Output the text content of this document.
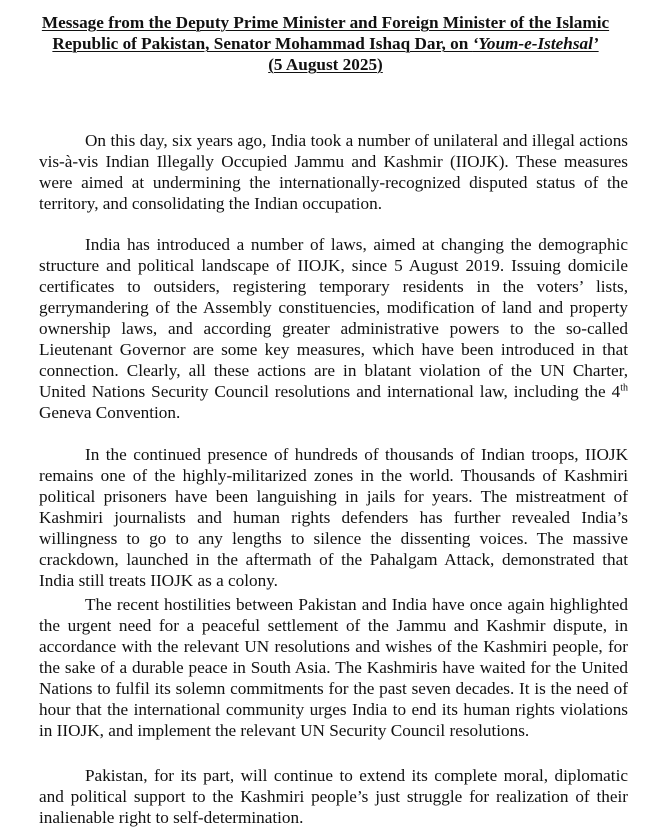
Message from the Deputy Prime Minister and Foreign Minister of the Islamic
Republic of Pakistan, Senator Mohammad Ishaq Dar, on ‘Youm-e-Istehsal’
(5 August 2025)

On this day, six years ago, India took a number of unilateral and illegal actions vis-à-vis Indian Illegally Occupied Jammu and Kashmir (IIOJK). These measures were aimed at undermining the internationally-recognized disputed status of the territory, and consolidating the Indian occupation.

India has introduced a number of laws, aimed at changing the demographic structure and political landscape of IIOJK, since 5 August 2019. Issuing domicile certificates to outsiders, registering temporary residents in the voters’ lists, gerrymandering of the Assembly constituencies, modification of land and property ownership laws, and according greater administrative powers to the so-called Lieutenant Governor are some key measures, which have been introduced in that connection. Clearly, all these actions are in blatant violation of the UN Charter, United Nations Security Council resolutions and international law, including the 4th Geneva Convention.

In the continued presence of hundreds of thousands of Indian troops, IIOJK remains one of the highly-militarized zones in the world. Thousands of Kashmiri political prisoners have been languishing in jails for years. The mistreatment of Kashmiri journalists and human rights defenders has further revealed India’s willingness to go to any lengths to silence the dissenting voices. The massive crackdown, launched in the aftermath of the Pahalgam Attack, demonstrated that India still treats IIOJK as a colony.

The recent hostilities between Pakistan and India have once again highlighted the urgent need for a peaceful settlement of the Jammu and Kashmir dispute, in accordance with the relevant UN resolutions and wishes of the Kashmiri people, for the sake of a durable peace in South Asia. The Kashmiris have waited for the United Nations to fulfil its solemn commitments for the past seven decades. It is the need of hour that the international community urges India to end its human rights violations in IIOJK, and implement the relevant UN Security Council resolutions.

Pakistan, for its part, will continue to extend its complete moral, diplomatic and political support to the Kashmiri people’s just struggle for realization of their inalienable right to self-determination.
